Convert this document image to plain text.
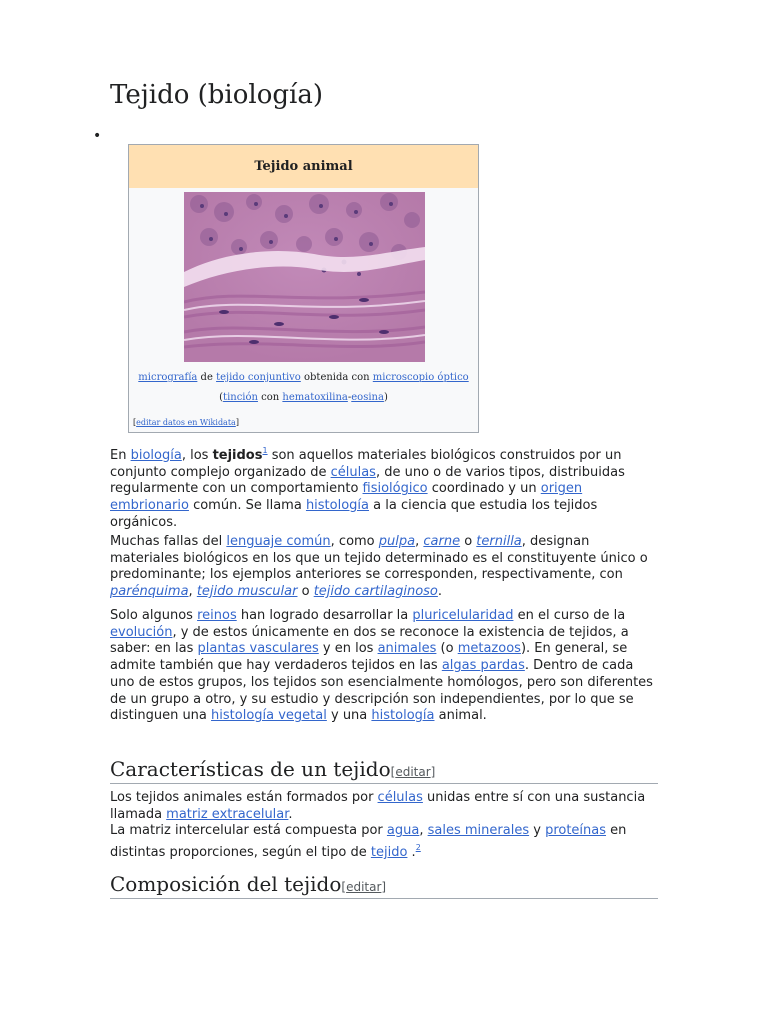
Tejido (biología)
•
Tejido animal
micrografía de tejido conjuntivo obtenida con microscopio óptico (tinción con hematoxilina-eosina)
[editar datos en Wikidata]

En biología, los tejidos$^1$ son aquellos materiales biológicos construidos por un conjunto complejo organizado de células, de uno o de varios tipos, distribuidas regularmente con un comportamiento fisiológico coordinado y un origen embrionario común. Se llama histología a la ciencia que estudia los tejidos orgánicos.

Muchas fallas del lenguaje común, como pulpa, carne o ternilla, designan materiales biológicos en los que un tejido determinado es el constituyente único o predominante; los ejemplos anteriores se corresponden, respectivamente, con parénquima, tejido muscular o tejido cartilaginoso.

Solo algunos reinos han logrado desarrollar la pluricelularidad en el curso de la evolución, y de estos únicamente en dos se reconoce la existencia de tejidos, a saber: en las plantas vasculares y en los animales (o metazoos). En general, se admite también que hay verdaderos tejidos en las algas pardas. Dentro de cada uno de estos grupos, los tejidos son esencialmente homólogos, pero son diferentes de un grupo a otro, y su estudio y descripción son independientes, por lo que se distinguen una histología vegetal y una histología animal.

Características de un tejido[editar]

Los tejidos animales están formados por células unidas entre sí con una sustancia llamada matriz extracelular.
La matriz intercelular está compuesta por agua, sales minerales y proteínas en distintas proporciones, según el tipo de tejido .$^2$

Composición del tejido[editar]
